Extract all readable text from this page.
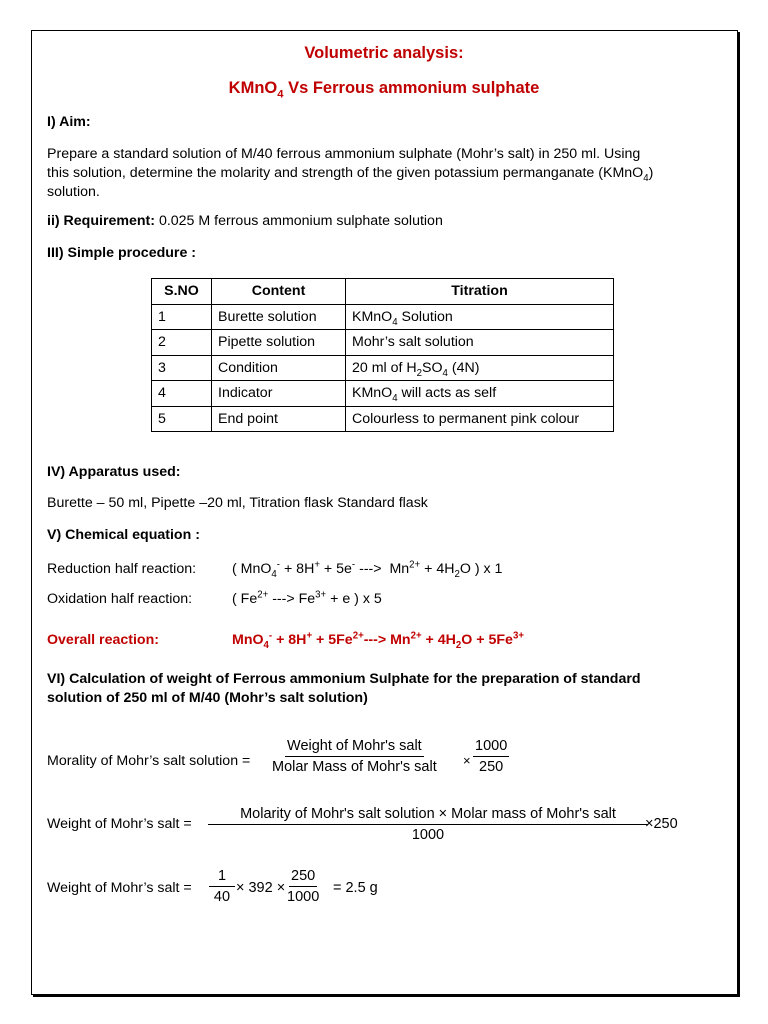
Volumetric analysis:
KMnO$_4$ Vs Ferrous ammonium sulphate
I) Aim:
Prepare a standard solution of M/40 ferrous ammonium sulphate (Mohr’s salt) in 250 ml. Using
this solution, determine the molarity and strength of the given potassium permanganate (KMnO$_4$)
solution.
ii) Requirement: 0.025 M ferrous ammonium sulphate solution
III) Simple procedure :
S.NO	Content	Titration
1	Burette solution	KMnO$_4$ Solution
2	Pipette solution	Mohr’s salt solution
3	Condition	20 ml of $H_2SO_4$ (4N)
4	Indicator	KMnO$_4$ will acts as self
5	End point	Colourless to permanent pink colour
IV) Apparatus used:
Burette – 50 ml, Pipette –20 ml, Titration flask Standard flask
V) Chemical equation :
Reduction half reaction:	( MnO$_4$- + 8H+ + 5e- --->  $Mn^{2+} + 4H_2O$ ) x 1
Oxidation half reaction:	( $Fe^{2+}$ ---> $Fe^{3+} + e$ ) x 5
Overall reaction:	$MnO_4^- + 8H^+ + 5Fe^{2+}---> Mn^{2+} + 4H_2O + 5Fe^{3+}$
VI) Calculation of weight of Ferrous ammonium Sulphate for the preparation of standard
solution of 250 ml of M/40 (Mohr’s salt solution)
Morality of Mohr’s salt solution =
Weight of Mohr's salt
Molar Mass of Mohr's salt × $\frac{1000}{250}$
Weight of Mohr’s salt =
Molarity of Mohr's salt solution × Molar mass of Mohr's salt
1000
×250
Weight of Mohr’s salt = $\frac{1}{40} \times 392 \times \frac{250}{1000} = 2.5$ g
